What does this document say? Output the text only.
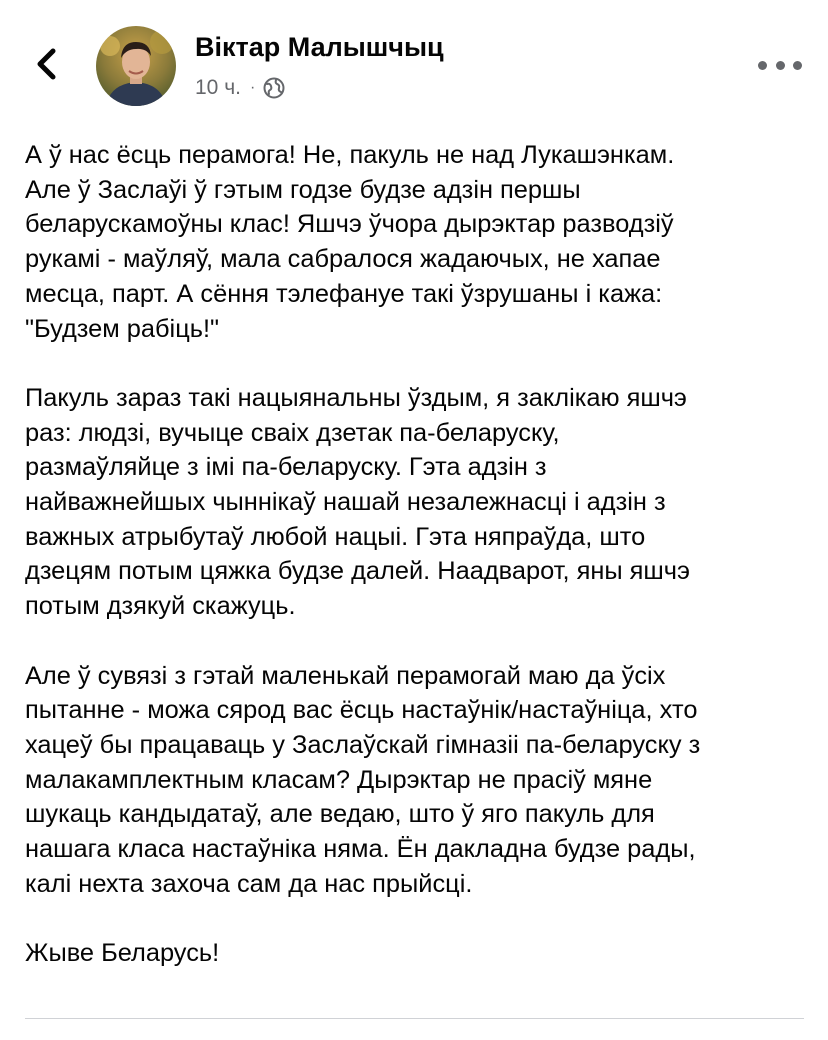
Віктар Малышчыц
10 ч. ·

А ў нас ёсць перамога! Не, пакуль не над Лукашэнкам.
Але ў Заслаўі ў гэтым годзе будзе адзін першы
беларускамоўны клас! Яшчэ ўчора дырэктар разводзіў
рукамі - маўляў, мала сабралося жадаючых, не хапае
месца, парт. А сёння тэлефануе такі ўзрушаны і кажа:
"Будзем рабіць!"

Пакуль зараз такі нацыянальны ўздым, я заклікаю яшчэ
раз: людзі, вучыце сваіх дзетак па-беларуску,
размаўляйце з імі па-беларуску. Гэта адзін з
найважнейшых чыннікаў нашай незалежнасці і адзін з
важных атрыбутаў любой нацыі. Гэта няпраўда, што
дзецям потым цяжка будзе далей. Наадварот, яны яшчэ
потым дзякуй скажуць.

Але ў сувязі з гэтай маленькай перамогай маю да ўсіх
пытанне - можа сярод вас ёсць настаўнік/настаўніца, хто
хацеў бы працаваць у Заслаўскай гімназіі па-беларуску з
малакамплектным класам? Дырэктар не прасіў мяне
шукаць кандыдатаў, але ведаю, што ў яго пакуль для
нашага класа настаўніка няма. Ён дакладна будзе рады,
калі нехта захоча сам да нас прыйсці.

Жыве Беларусь!
